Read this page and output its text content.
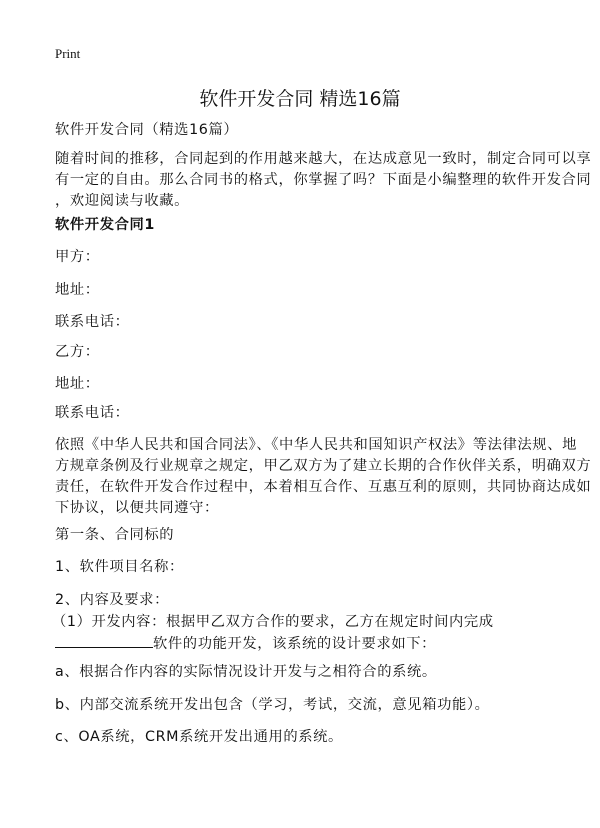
Print
软件开发合同 精选16篇
软件开发合同（精选16篇）
随着时间的推移，合同起到的作用越来越大，在达成意见一致时，制定合同可以享
有一定的自由。那么合同书的格式，你掌握了吗？下面是小编整理的软件开发合同
，欢迎阅读与收藏。
软件开发合同1
甲方：
地址：
联系电话：
乙方：
地址：
联系电话：
依照《中华人民共和国合同法》、《中华人民共和国知识产权法》等法律法规、地
方规章条例及行业规章之规定，甲乙双方为了建立长期的合作伙伴关系，明确双方
责任，在软件开发合作过程中，本着相互合作、互惠互利的原则，共同协商达成如
下协议，以便共同遵守：
第一条、合同标的
1、软件项目名称：
2、内容及要求：
（1）开发内容：根据甲乙双方合作的要求，乙方在规定时间内完成
软件的功能开发，该系统的设计要求如下：
a、根据合作内容的实际情况设计开发与之相符合的系统。
b、内部交流系统开发出包含（学习，考试，交流，意见箱功能）。
c、OA系统，CRM系统开发出通用的系统。
